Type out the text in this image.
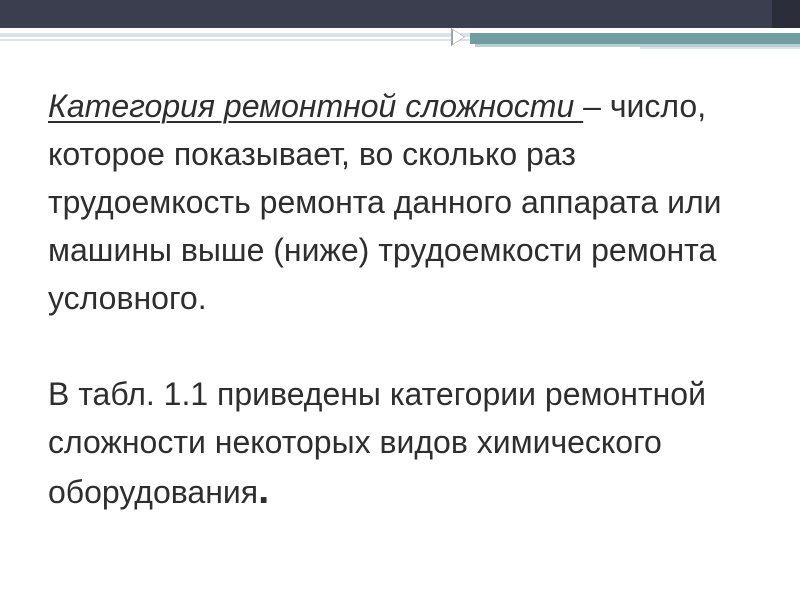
Категория ремонтной сложности – число, которое показывает, во сколько раз трудоемкость ремонта данного аппарата или машины выше (ниже) трудоемкости ремонта условного.

В табл. 1.1 приведены категории ремонтной сложности некоторых видов химического оборудования.
